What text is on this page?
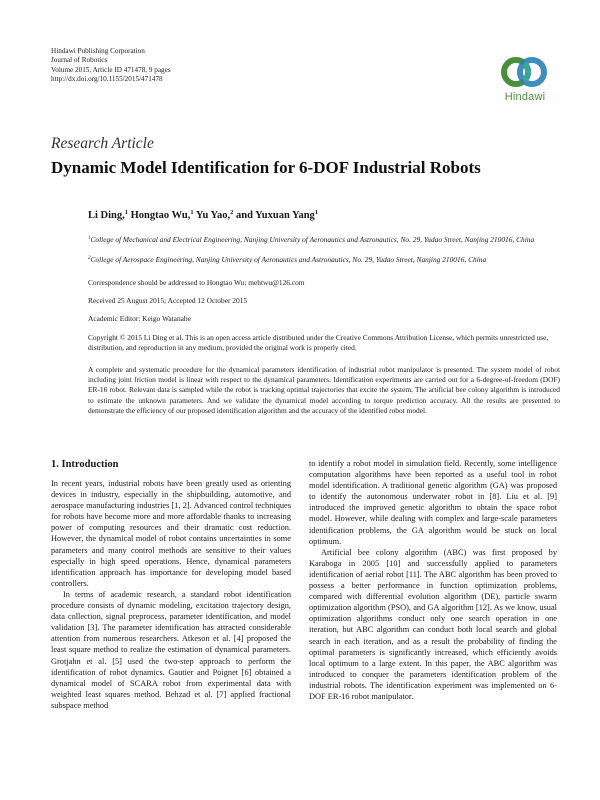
Hindawi Publishing Corporation
Journal of Robotics
Volume 2015, Article ID 471478, 9 pages
http://dx.doi.org/10.1155/2015/471478
Hindawi
Research Article
Dynamic Model Identification for 6-DOF Industrial Robots
Li Ding,$^1$ Hongtao Wu,$^1$ Yu Yao,$^2$ and Yuxuan Yang$^1$
$^1$College of Mechanical and Electrical Engineering, Nanjing University of Aeronautics and Astronautics, No. 29, Yudao Street, Nanjing 210016, China
$^2$College of Aerospace Engineering, Nanjing University of Aeronautics and Astronautics, No. 29, Yudao Street, Nanjing 210016, China
Correspondence should be addressed to Hongtao Wu; mehtwu@126.com
Received 25 August 2015; Accepted 12 October 2015
Academic Editor: Keigo Watanabe
Copyright © 2015 Li Ding et al. This is an open access article distributed under the Creative Commons Attribution License, which permits unrestricted use, distribution, and reproduction in any medium, provided the original work is properly cited.
A complete and systematic procedure for the dynamical parameters identification of industrial robot manipulator is presented. The system model of robot including joint friction model is linear with respect to the dynamical parameters. Identification experiments are carried out for a 6-degree-of-freedom (DOF) ER-16 robot. Relevant data is sampled while the robot is tracking optimal trajectories that excite the system. The artificial bee colony algorithm is introduced to estimate the unknown parameters. And we validate the dynamical model according to torque prediction accuracy. All the results are presented to demonstrate the efficiency of our proposed identification algorithm and the accuracy of the identified robot model.
1. Introduction

In recent years, industrial robots have been greatly used as orienting devices in industry, especially in the shipbuilding, automotive, and aerospace manufacturing industries [1, 2]. Advanced control techniques for robots have become more and more affordable thanks to increasing power of computing resources and their dramatic cost reduction. However, the dynamical model of robot contains uncertainties in some parameters and many control methods are sensitive to their values especially in high speed operations. Hence, dynamical parameters identification approach has importance for developing model based controllers.

In terms of academic research, a standard robot identification procedure consists of dynamic modeling, excitation trajectory design, data collection, signal preprocess, parameter identification, and model validation [3]. The parameter identification has attracted considerable attention from numerous researchers. Atkeson et al. [4] proposed the least square method to realize the estimation of dynamical parameters. Grotjahn et al. [5] used the two-step approach to perform the identification of robot dynamics. Gautier and Poignet [6] obtained a dynamical model of SCARA robot from experimental data with weighted least squares method. Behzad et al. [7] applied fractional subspace method

to identify a robot model in simulation field. Recently, some intelligence computation algorithms have been reported as a useful tool in robot model identification. A traditional genetic algorithm (GA) was proposed to identify the autonomous underwater robot in [8]. Liu et al. [9] introduced the improved genetic algorithm to obtain the space robot model. However, while dealing with complex and large-scale parameters identification problems, the GA algorithm would be stuck on local optimum.

Artificial bee colony algorithm (ABC) was first proposed by Karaboga in 2005 [10] and successfully applied to parameters identification of aerial robot [11]. The ABC algorithm has been proved to possess a better performance in function optimization problems, compared with differential evolution algorithm (DE), particle swarm optimization algorithm (PSO), and GA algorithm [12]. As we know, usual optimization algorithms conduct only one search operation in one iteration, but ABC algorithm can conduct both local search and global search in each iteration, and as a result the probability of finding the optimal parameters is significantly increased, which efficiently avoids local optimum to a large extent. In this paper, the ABC algorithm was introduced to conquer the parameters identification problem of the industrial robots. The identification experiment was implemented on 6-DOF ER-16 robot manipulator.
